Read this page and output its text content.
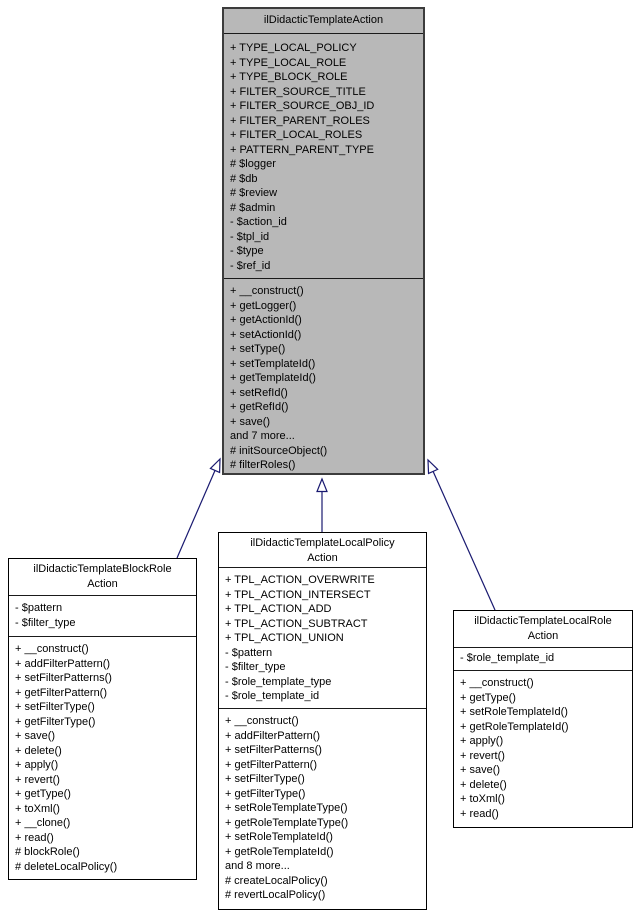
ilDidacticTemplateAction
+ TYPE_LOCAL_POLICY
+ TYPE_LOCAL_ROLE
+ TYPE_BLOCK_ROLE
+ FILTER_SOURCE_TITLE
+ FILTER_SOURCE_OBJ_ID
+ FILTER_PARENT_ROLES
+ FILTER_LOCAL_ROLES
+ PATTERN_PARENT_TYPE
# $logger
# $db
# $review
# $admin
- $action_id
- $tpl_id
- $type
- $ref_id
+ __construct()
+ getLogger()
+ getActionId()
+ setActionId()
+ setType()
+ setTemplateId()
+ getTemplateId()
+ setRefId()
+ getRefId()
+ save()
and 7 more...
# initSourceObject()
# filterRoles()
ilDidacticTemplateBlockRole
Action
- $pattern
- $filter_type
+ __construct()
+ addFilterPattern()
+ setFilterPatterns()
+ getFilterPattern()
+ setFilterType()
+ getFilterType()
+ save()
+ delete()
+ apply()
+ revert()
+ getType()
+ toXml()
+ __clone()
+ read()
# blockRole()
# deleteLocalPolicy()
ilDidacticTemplateLocalPolicy
Action
+ TPL_ACTION_OVERWRITE
+ TPL_ACTION_INTERSECT
+ TPL_ACTION_ADD
+ TPL_ACTION_SUBTRACT
+ TPL_ACTION_UNION
- $pattern
- $filter_type
- $role_template_type
- $role_template_id
+ __construct()
+ addFilterPattern()
+ setFilterPatterns()
+ getFilterPattern()
+ setFilterType()
+ getFilterType()
+ setRoleTemplateType()
+ getRoleTemplateType()
+ setRoleTemplateId()
+ getRoleTemplateId()
and 8 more...
# createLocalPolicy()
# revertLocalPolicy()
ilDidacticTemplateLocalRole
Action
- $role_template_id
+ __construct()
+ getType()
+ setRoleTemplateId()
+ getRoleTemplateId()
+ apply()
+ revert()
+ save()
+ delete()
+ toXml()
+ read()
